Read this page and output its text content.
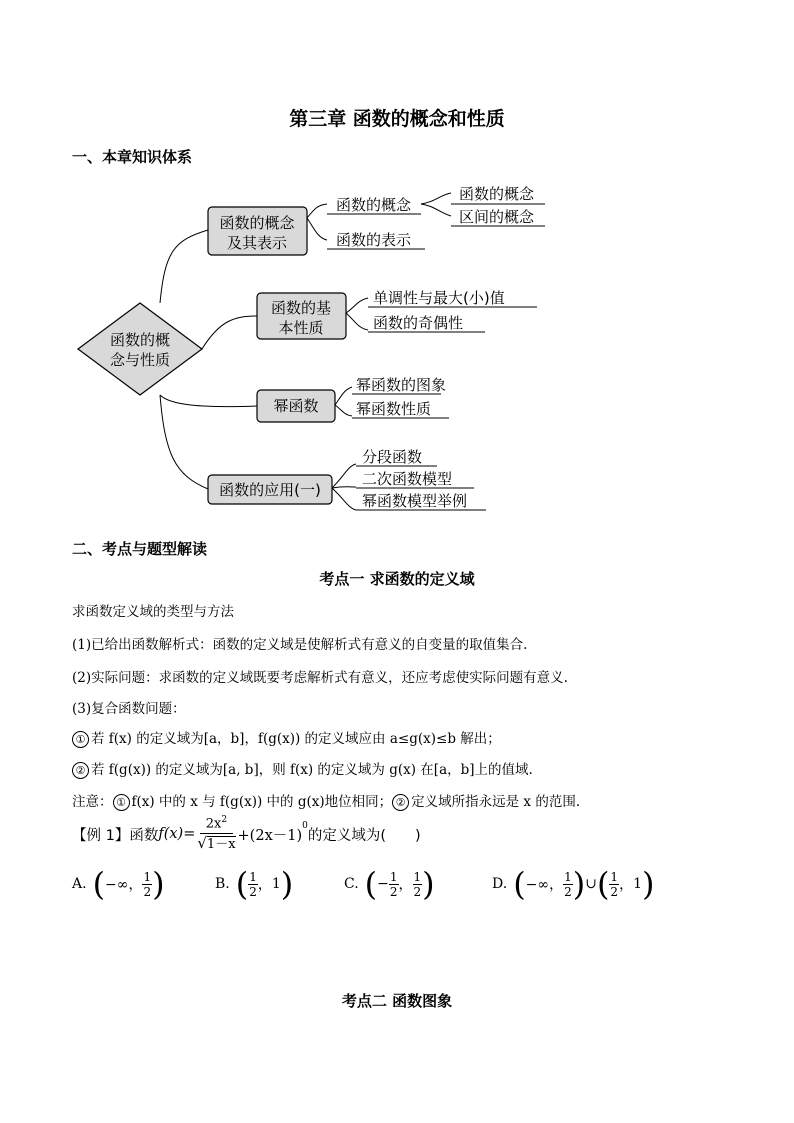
第三章 函数的概念和性质
一、本章知识体系
函数的概
念与性质
函数的概念
及其表示
函数的概念
函数的表示
函数的概念
区间的概念
函数的基
本性质
单调性与最大(小)值
函数的奇偶性
幂函数
幂函数的图象
幂函数性质
函数的应用(一)
分段函数
二次函数模型
幂函数模型举例
二、考点与题型解读
考点一 求函数的定义域
求函数定义域的类型与方法
(1)已给出函数解析式：函数的定义域是使解析式有意义的自变量的取值集合.
(2)实际问题：求函数的定义域既要考虑解析式有意义，还应考虑使实际问题有意义.
(3)复合函数问题：
① 若 f(x) 的定义域为[a，b]，f(g(x)) 的定义域应由 a≤g(x)≤b 解出；
② 若 f(g(x)) 的定义域为[a, b]，则 f(x) 的定义域为 g(x) 在[a，b]上的值域.
注意： ① f(x) 中的 x 与 f(g(x)) 中的 g(x)地位相同； ② 定义域所指永远是 x 的范围.
【例 1】函数 $f(x)= \frac{2x^2}{√1-x} +(2x-1)$
$^0$
的定义域为(　　)
A. ( −∞， $\frac{1}{2}$ )	B. ( $\frac{1}{2}$ ， 1 )	C. ( − $\frac{1}{2}$ ， $\frac{1}{2}$ )	D. ( −∞， $\frac{1}{2}$ ) ∪ ( $\frac{1}{2}$ ， 1 )
考点二 函数图象
